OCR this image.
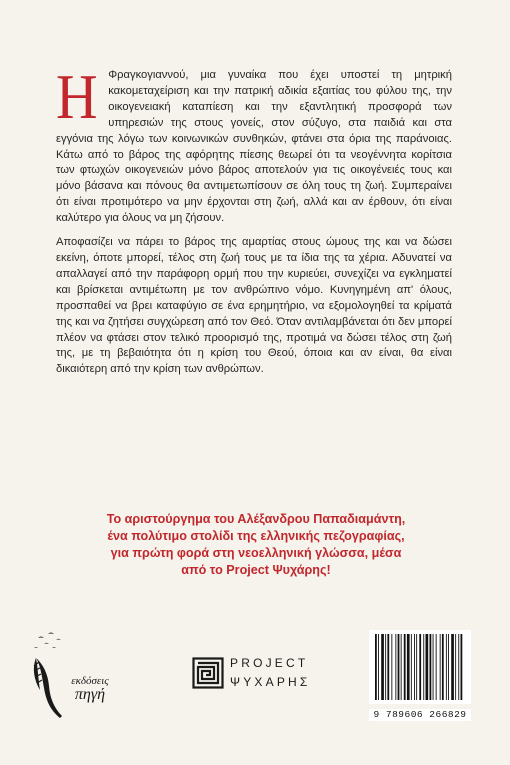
Η Φραγκογιαννού, μια γυναίκα που έχει υποστεί τη μητρική κακομεταχείριση και την πατρική αδικία εξαιτίας του φύλου της, την οικογενειακή καταπίεση και την εξαντλητική προσφορά των υπηρεσιών της στους γονείς, στον σύζυγο, στα παιδιά και στα εγγόνια της λόγω των κοινωνικών συνθηκών, φτάνει στα όρια της παράνοιας. Κάτω από το βάρος της αφόρητης πίεσης θεωρεί ότι τα νεογέννητα κορίτσια των φτωχών οικογενειών μόνο βάρος αποτελούν για τις οικογένειές τους και μόνο βάσανα και πόνους θα αντιμετωπίσουν σε όλη τους τη ζωή. Συμπεραίνει ότι είναι προτιμότερο να μην έρχονται στη ζωή, αλλά και αν έρθουν, ότι είναι καλύτερο για όλους να μη ζήσουν.

Αποφασίζει να πάρει το βάρος της αμαρτίας στους ώμους της και να δώσει εκείνη, όποτε μπορεί, τέλος στη ζωή τους με τα ίδια της τα χέρια. Αδυνατεί να απαλλαγεί από την παράφορη ορμή που την κυριεύει, συνεχίζει να εγκληματεί και βρίσκεται αντιμέτωπη με τον ανθρώπινο νόμο. Κυνηγημένη απ' όλους, προσπαθεί να βρει καταφύγιο σε ένα ερημητήριο, να εξομολογηθεί τα κρίματά της και να ζητήσει συγχώρεση από τον Θεό. Όταν αντιλαμβάνεται ότι δεν μπορεί πλέον να φτάσει στον τελικό προορισμό της, προτιμά να δώσει τέλος στη ζωή της, με τη βεβαιότητα ότι η κρίση του Θεού, όποια και αν είναι, θα είναι δικαιότερη από την κρίση των ανθρώπων.

Το αριστούργημα του Αλέξανδρου Παπαδιαμάντη,
ένα πολύτιμο στολίδι της ελληνικής πεζογραφίας,
για πρώτη φορά στη νεοελληνική γλώσσα, μέσα
από το Project Ψυχάρης!
εκδόσεις
πηγή
PROJECT
ΨΥΧΑΡΗΣ
9 789606 266829
